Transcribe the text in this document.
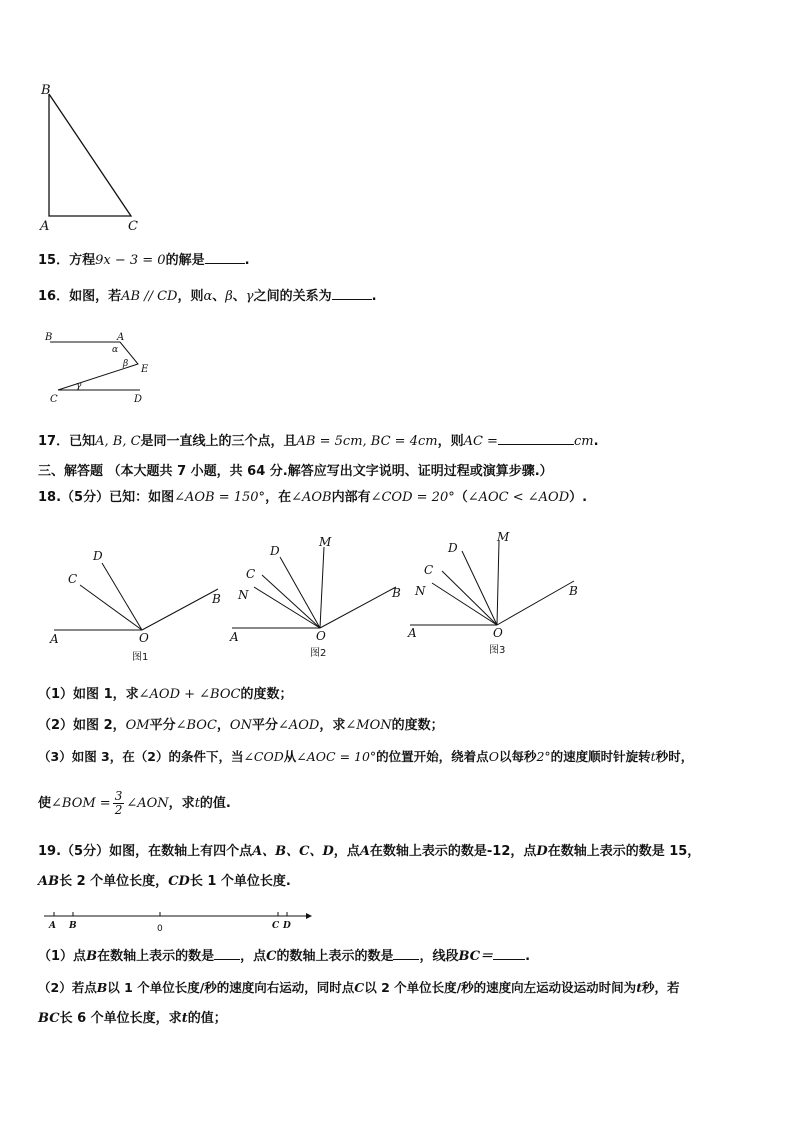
B
A	C
15．方程9x − 3 = 0的解是	.
16．如图，若AB // CD，则α、β、γ之间的关系为	.
B	A
α
β E
γ
C	D
17．已知A, B, C是同一直线上的三个点，且AB = 5cm, BC = 4cm，则AC =	cm.
三、解答题 （本大题共 7 小题，共 64 分.解答应写出文字说明、证明过程或演算步骤.）
18.（5分）已知：如图∠AOB = 150°，在∠AOB内部有∠COD = 20°（∠AOC < ∠AOD）.
D
C
B
A	O
图1
D
M
C
N	B
A	O
图2
D
M
C
N	B
A	O
图3
（1）如图 1，求∠AOD + ∠BOC的度数；
（2）如图 2，OM平分∠BOC，ON平分∠AOD，求∠MON的度数；
（3）如图 3，在（2）的条件下，当∠COD从∠AOC = 10°的位置开始，绕着点O以每秒2°的速度顺时针旋转t秒时，
使∠BOM = $\frac{3}{2}$ ∠AON，求t的值.
19.（5分）如图，在数轴上有四个点A、B、C、D，点A在数轴上表示的数是-12，点D在数轴上表示的数是 15，
AB长 2 个单位长度，CD长 1 个单位长度.
A B	0	C D
（1）点B在数轴上表示的数是 ，点C的数轴上表示的数是 ，线段BC＝ .
（2）若点B以 1 个单位长度/秒的速度向右运动，同时点C以 2 个单位长度/秒的速度向左运动设运动时间为t秒，若
BC长 6 个单位长度，求t的值；
